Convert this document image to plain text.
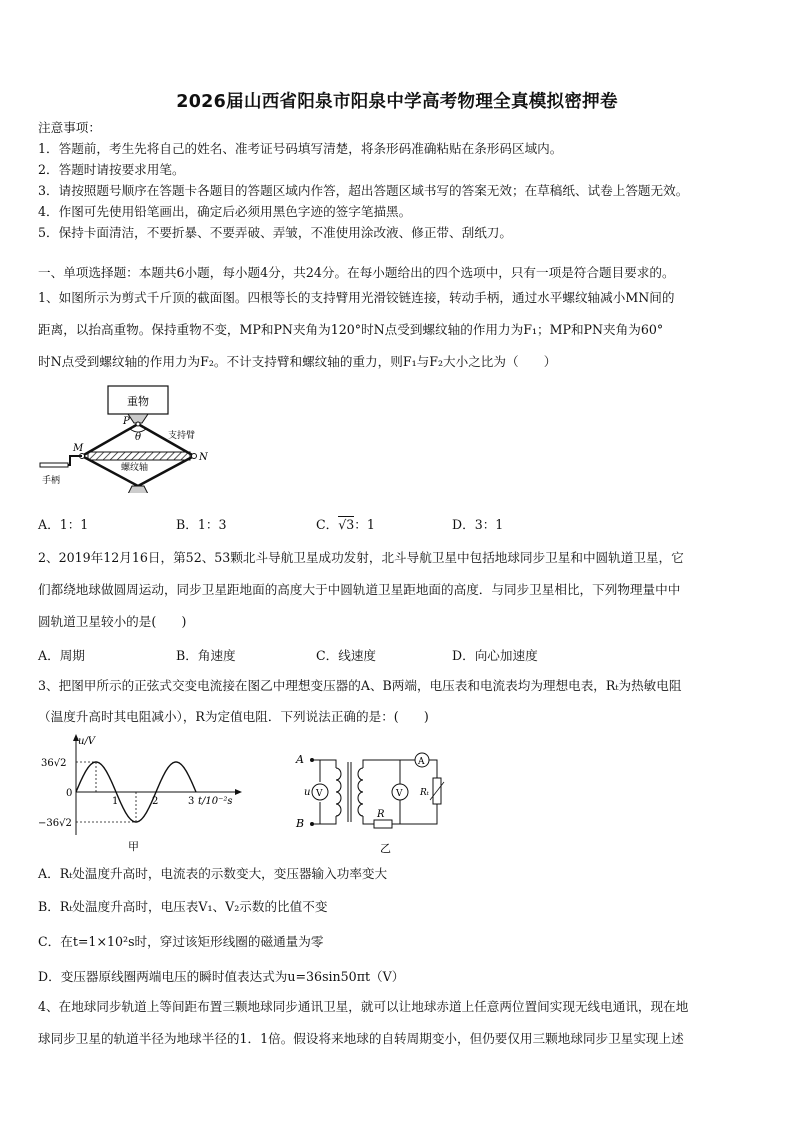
2026届山西省阳泉市阳泉中学高考物理全真模拟密押卷
注意事项：
1．答题前，考生先将自己的姓名、准考证号码填写清楚，将条形码准确粘贴在条形码区域内。
2．答题时请按要求用笔。
3．请按照题号顺序在答题卡各题目的答题区域内作答，超出答题区域书写的答案无效；在草稿纸、试卷上答题无效。
4．作图可先使用铅笔画出，确定后必须用黑色字迹的签字笔描黑。
5．保持卡面清洁，不要折暴、不要弄破、弄皱，不准使用涂改液、修正带、刮纸刀。
一、单项选择题：本题共6小题，每小题4分，共24分。在每小题给出的四个选项中，只有一项是符合题目要求的。
1、如图所示为剪式千斤顶的截面图。四根等长的支持臂用光滑铰链连接，转动手柄，通过水平螺纹轴减小MN间的
距离，以抬高重物。保持重物不变，MP和PN夹角为120°时N点受到螺纹轴的作用力为F₁；MP和PN夹角为60°
时N点受到螺纹轴的作用力为F₂。不计支持臂和螺纹轴的重力，则F₁与F₂大小之比为（　　）
重物
θ
P
螺纹轴
M
N
支持臂
手柄
A．1：1	B．1：3	C．√3：1	D．3：1
2、2019年12月16日，第52、53颗北斗导航卫星成功发射，北斗导航卫星中包括地球同步卫星和中圆轨道卫星，它
们都绕地球做圆周运动，同步卫星距地面的高度大于中圆轨道卫星距地面的高度．与同步卫星相比，下列物理量中中
圆轨道卫星较小的是(　　)
A．周期	B．角速度	C．线速度	D．向心加速度
3、把图甲所示的正弦式交变电流接在图乙中理想变压器的A、B两端，电压表和电流表均为理想电表，Rₜ为热敏电阻
（温度升高时其电阻减小），R为定值电阻．下列说法正确的是：(　　)
u/V
36√2
−36√2
0
1	2	3 t/10⁻²s
甲
A
B
V
u
R
V
A
Rₜ
乙
A．Rₜ处温度升高时，电流表的示数变大，变压器输入功率变大
B．Rₜ处温度升高时，电压表V₁、V₂示数的比值不变
C．在t=1×10²s时，穿过该矩形线圈的磁通量为零
D．变压器原线圈两端电压的瞬时值表达式为u=36sin50πt（V）
4、在地球同步轨道上等间距布置三颗地球同步通讯卫星，就可以让地球赤道上任意两位置间实现无线电通讯，现在地
球同步卫星的轨道半径为地球半径的1．1倍。假设将来地球的自转周期变小，但仍要仅用三颗地球同步卫星实现上述
